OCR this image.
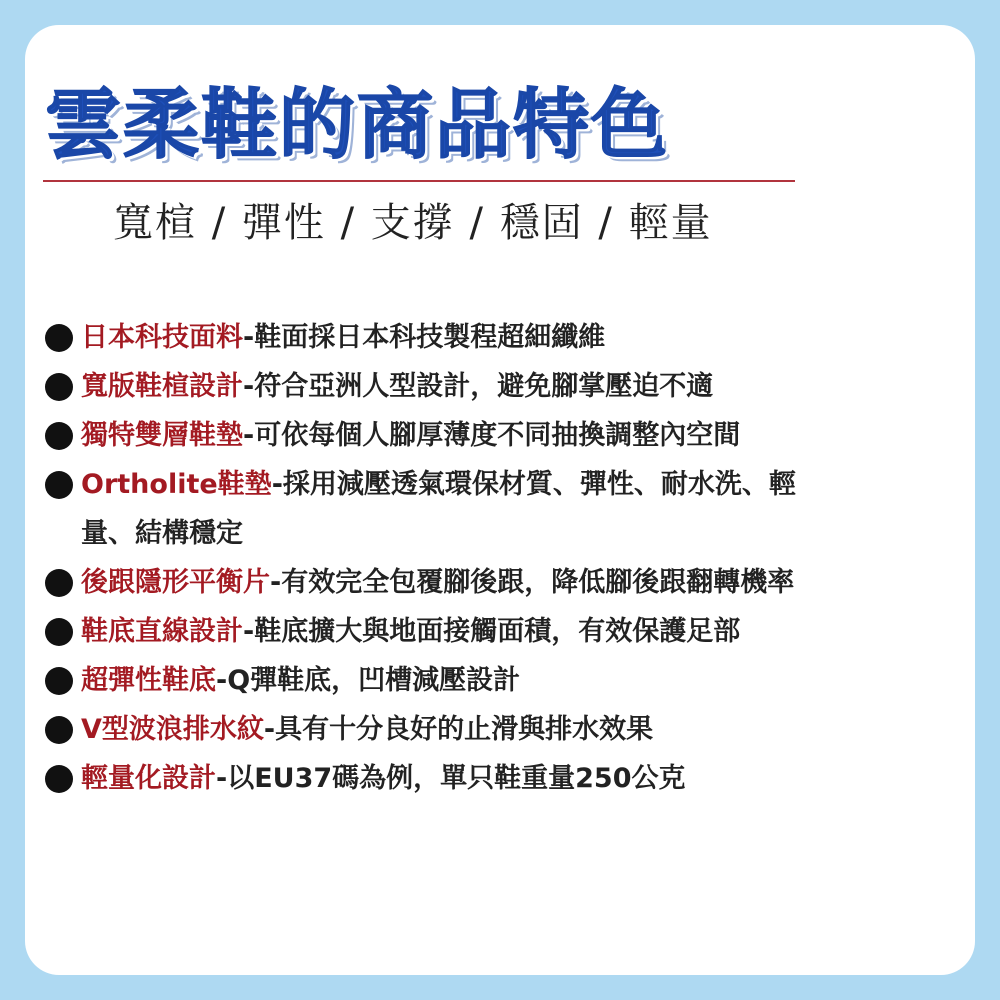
雲柔鞋的商品特色
寬楦 / 彈性 / 支撐 / 穩固 / 輕量
日本科技面料-鞋面採日本科技製程超細纖維
寬版鞋楦設計-符合亞洲人型設計，避免腳掌壓迫不適
獨特雙層鞋墊-可依每個人腳厚薄度不同抽換調整內空間
Ortholite鞋墊-採用減壓透氣環保材質、彈性、耐水洗、輕
量、結構穩定
後跟隱形平衡片-有效完全包覆腳後跟，降低腳後跟翻轉機率
鞋底直線設計-鞋底擴大與地面接觸面積，有效保護足部
超彈性鞋底-Q彈鞋底，凹槽減壓設計
V型波浪排水紋-具有十分良好的止滑與排水效果
輕量化設計-以EU37碼為例，單只鞋重量250公克
